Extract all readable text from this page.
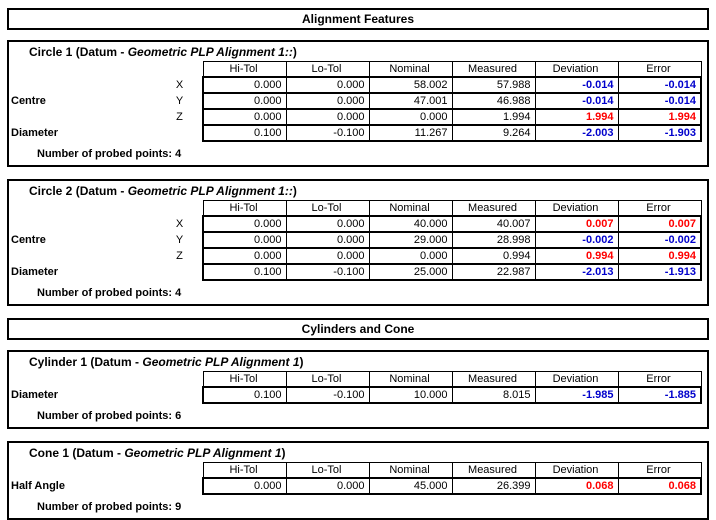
Alignment Features
Circle 1 (Datum - Geometric PLP Alignment 1::)
		Hi-Tol	Lo-Tol	Nominal	Measured	Deviation	Error
Centre	X	0.000	0.000	58.002	57.988	-0.014	-0.014
	Y	0.000	0.000	47.001	46.988	-0.014	-0.014
	Z	0.000	0.000	0.000	1.994	1.994	1.994
Diameter		0.100	-0.100	11.267	9.264	-2.003	-1.903
Number of probed points: 4
Circle 2 (Datum - Geometric PLP Alignment 1::)
		Hi-Tol	Lo-Tol	Nominal	Measured	Deviation	Error
Centre	X	0.000	0.000	40.000	40.007	0.007	0.007
	Y	0.000	0.000	29.000	28.998	-0.002	-0.002
	Z	0.000	0.000	0.000	0.994	0.994	0.994
Diameter		0.100	-0.100	25.000	22.987	-2.013	-1.913
Number of probed points: 4
Cylinders and Cone
Cylinder 1 (Datum - Geometric PLP Alignment 1)
		Hi-Tol	Lo-Tol	Nominal	Measured	Deviation	Error
Diameter		0.100	-0.100	10.000	8.015	-1.985	-1.885
Number of probed points: 6
Cone 1 (Datum - Geometric PLP Alignment 1)
		Hi-Tol	Lo-Tol	Nominal	Measured	Deviation	Error
Half Angle		0.000	0.000	45.000	26.399	0.068	0.068
Number of probed points: 9
